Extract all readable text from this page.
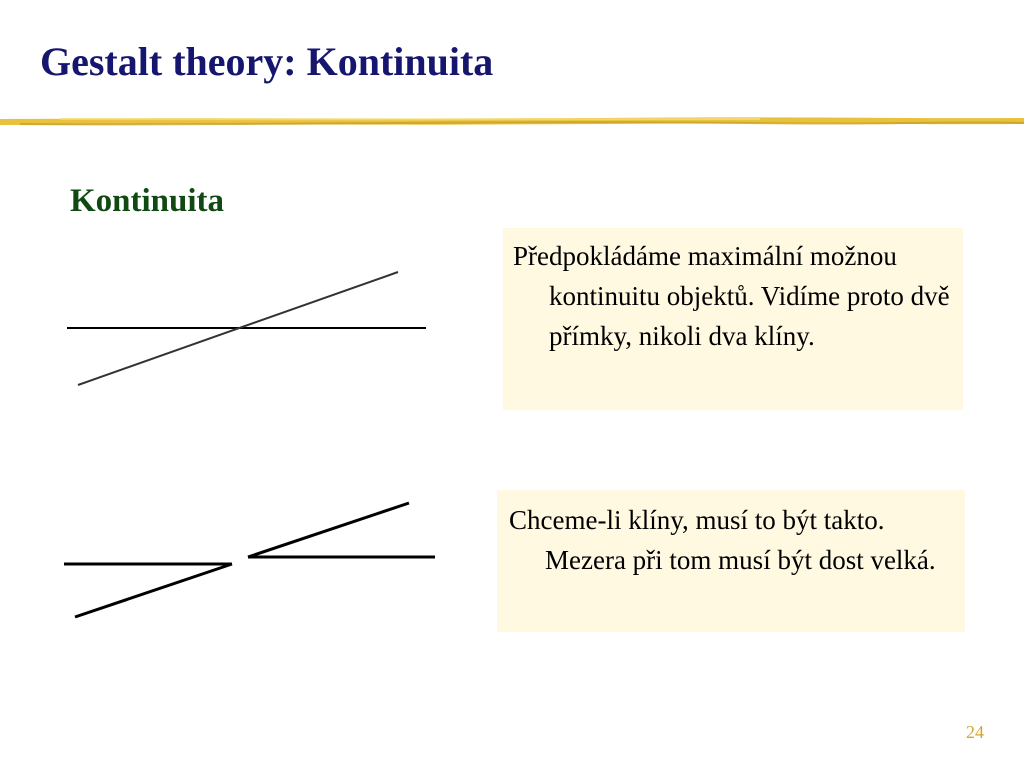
Gestalt theory: Kontinuita
Kontinuita

Předpokládáme maximální možnou kontinuitu objektů. Vidíme proto dvě přímky, nikoli dva klíny.

Chceme-li klíny, musí to být takto. Mezera při tom musí být dost velká.

24
